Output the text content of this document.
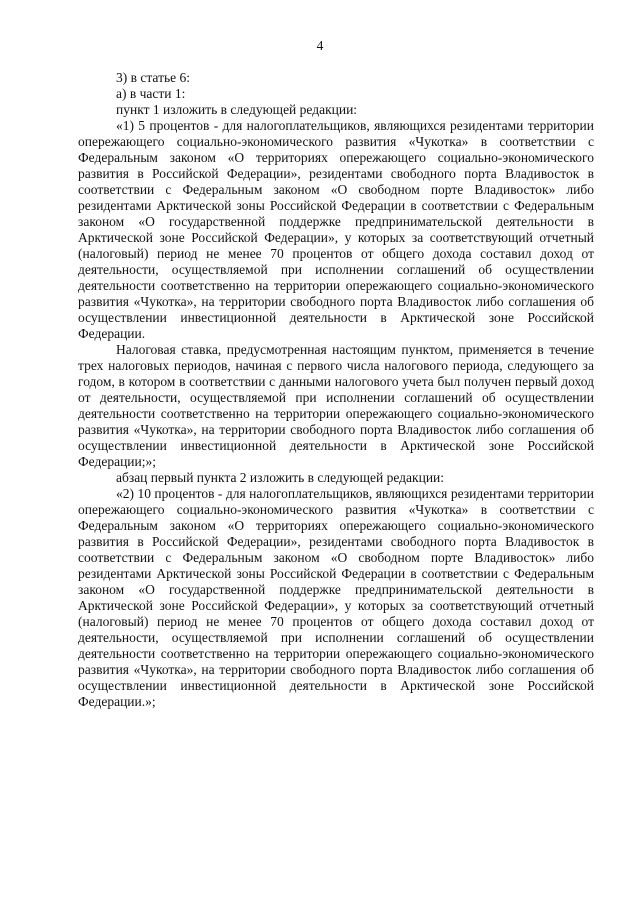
4

3) в статье 6:

а) в части 1:

пункт 1 изложить в следующей редакции:

«1) 5 процентов - для налогоплательщиков, являющихся резидентами территории опережающего социально-экономического развития «Чукотка» в соответствии с Федеральным законом «О территориях опережающего социально-экономического развития в Российской Федерации», резидентами свободного порта Владивосток в соответствии с Федеральным законом «О свободном порте Владивосток» либо резидентами Арктической зоны Российской Федерации в соответствии с Федеральным законом «О государственной поддержке предпринимательской деятельности в Арктической зоне Российской Федерации», у которых за соответствующий отчетный (налоговый) период не менее 70 процентов от общего дохода составил доход от деятельности, осуществляемой при исполнении соглашений об осуществлении деятельности соответственно на территории опережающего социально-экономического развития «Чукотка», на территории свободного порта Владивосток либо соглашения об осуществлении инвестиционной деятельности в Арктической зоне Российской Федерации.

Налоговая ставка, предусмотренная настоящим пунктом, применяется в течение трех налоговых периодов, начиная с первого числа налогового периода, следующего за годом, в котором в соответствии с данными налогового учета был получен первый доход от деятельности, осуществляемой при исполнении соглашений об осуществлении деятельности соответственно на территории опережающего социально-экономического развития «Чукотка», на территории свободного порта Владивосток либо соглашения об осуществлении инвестиционной деятельности в Арктической зоне Российской Федерации;»;

абзац первый пункта 2 изложить в следующей редакции:

«2) 10 процентов - для налогоплательщиков, являющихся резидентами территории опережающего социально-экономического развития «Чукотка» в соответствии с Федеральным законом «О территориях опережающего социально-экономического развития в Российской Федерации», резидентами свободного порта Владивосток в соответствии с Федеральным законом «О свободном порте Владивосток» либо резидентами Арктической зоны Российской Федерации в соответствии с Федеральным законом «О государственной поддержке предпринимательской деятельности в Арктической зоне Российской Федерации», у которых за соответствующий отчетный (налоговый) период не менее 70 процентов от общего дохода составил доход от деятельности, осуществляемой при исполнении соглашений об осуществлении деятельности соответственно на территории опережающего социально-экономического развития «Чукотка», на территории свободного порта Владивосток либо соглашения об осуществлении инвестиционной деятельности в Арктической зоне Российской Федерации.»;
